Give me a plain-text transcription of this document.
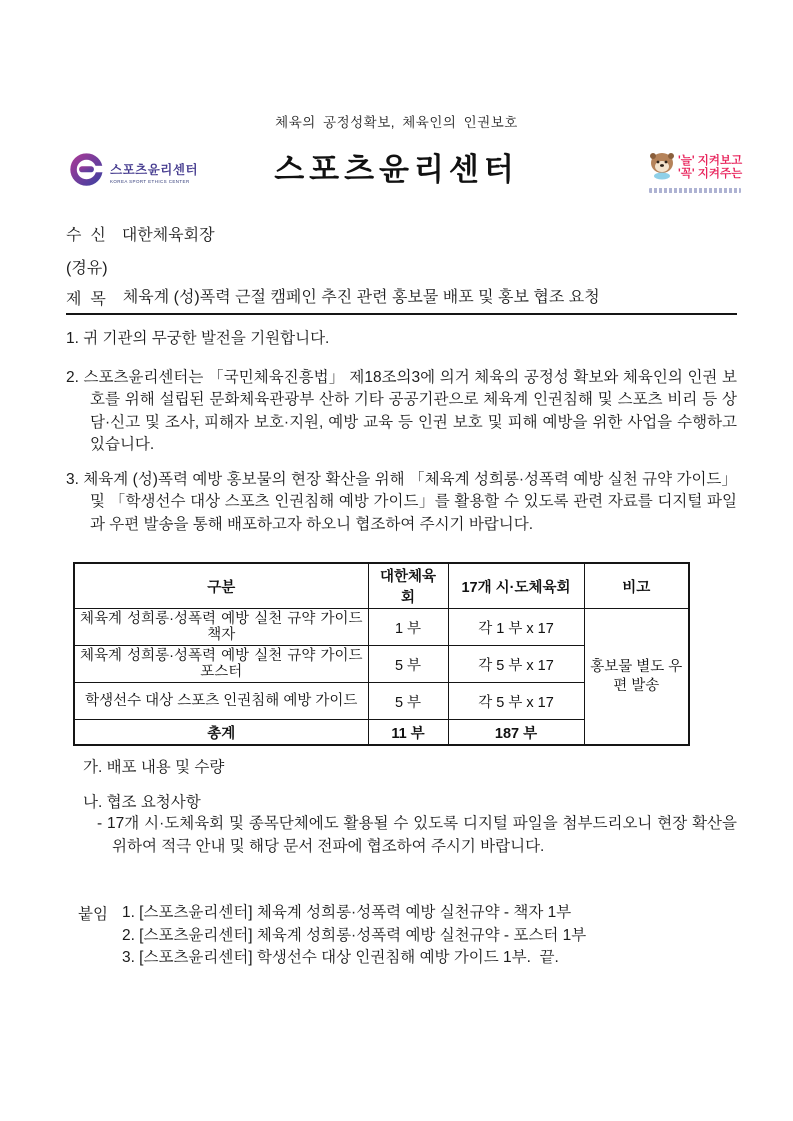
체육의 공정성확보, 체육인의 인권보호
스포츠윤리센터
스포츠윤리센터
KOREA SPORT ETHICS CENTER
'늘' 지켜보고
'꼭' 지켜주는
수  신 대한체육회장
(경유)
제  목 체육계 (성)폭력 근절 캠페인 추진 관련 홍보물 배포 및 홍보 협조 요청

1. 귀 기관의 무궁한 발전을 기원합니다.

2. 스포츠윤리센터는 「국민체육진흥법」 제18조의3에 의거 체육의 공정성 확보와 체육인의 인권 보호를 위해 설립된 문화체육관광부 산하 기타 공공기관으로 체육계 인권침해 및 스포츠 비리 등 상담·신고 및 조사, 피해자 보호·지원, 예방 교육 등 인권 보호 및 피해 예방을 위한 사업을 수행하고 있습니다.

3. 체육계 (성)폭력 예방 홍보물의 현장 확산을 위해 「체육계 성희롱·성폭력 예방 실천 규약 가이드」 및 「학생선수 대상 스포츠 인권침해 예방 가이드」를 활용할 수 있도록 관련 자료를 디지털 파일과 우편 발송을 통해 배포하고자 하오니 협조하여 주시기 바랍니다.

구분	대한체육회	17개 시·도체육회	비고
체육계 성희롱·성폭력 예방 실천 규약 가이드 책자	1 부	각 1 부 x 17	홍보물 별도 우편 발송
체육계 성희롱·성폭력 예방 실천 규약 가이드 포스터	5 부	각 5 부 x 17	
학생선수 대상 스포츠 인권침해 예방 가이드	5 부	각 5 부 x 17	
총계	11 부	187 부	
가. 배포 내용 및 수량
나. 협조 요청사항
- 17개 시·도체육회 및 종목단체에도 활용될 수 있도록 디지털 파일을 첨부드리오니 현장 확산을 위하여 적극 안내 및 해당 문서 전파에 협조하여 주시기 바랍니다.
붙임 1. [스포츠윤리센터] 체육계 성희롱·성폭력 예방 실천규약 - 책자 1부
2. [스포츠윤리센터] 체육계 성희롱·성폭력 예방 실천규약 - 포스터 1부
3. [스포츠윤리센터] 학생선수 대상 인권침해 예방 가이드 1부.  끝.
